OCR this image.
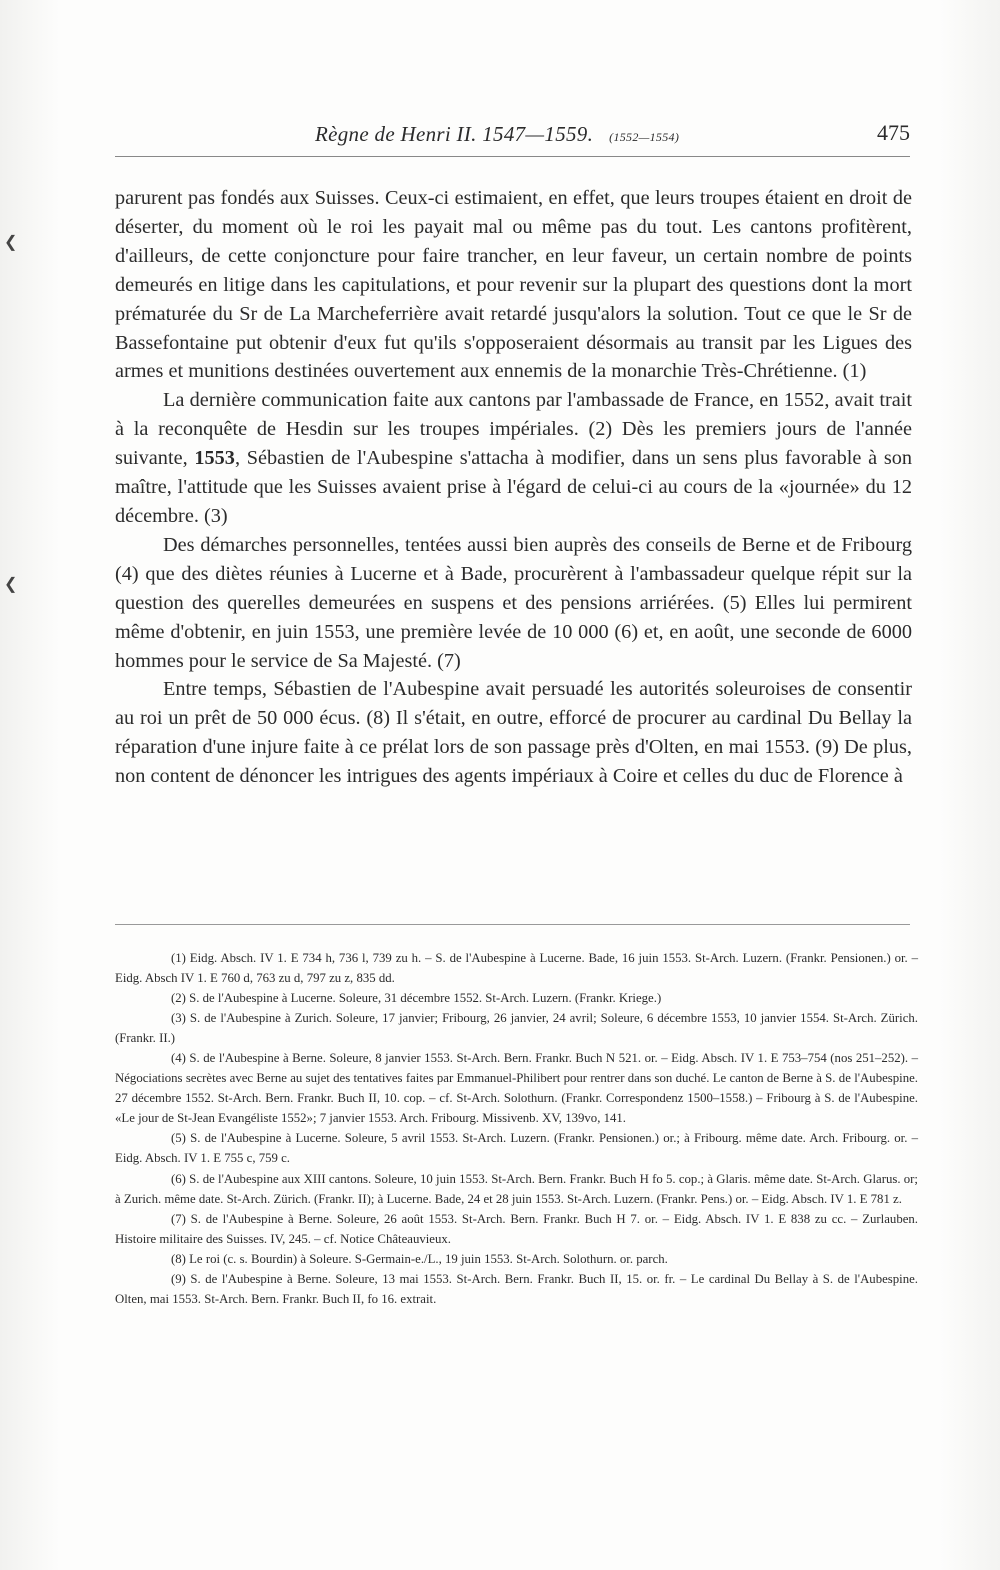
Règne de Henri II. 1547—1559. (1552—1554)	475
❮
❮

parurent pas fondés aux Suisses. Ceux-ci estimaient, en effet, que leurs troupes étaient en droit de déserter, du moment où le roi les payait mal ou même pas du tout. Les cantons profitèrent, d'ailleurs, de cette conjoncture pour faire trancher, en leur faveur, un certain nombre de points demeurés en litige dans les capitulations, et pour revenir sur la plupart des questions dont la mort prématurée du Sr de La Marcheferrière avait retardé jusqu'alors la solution. Tout ce que le Sr de Bassefontaine put obtenir d'eux fut qu'ils s'opposeraient désormais au transit par les Ligues des armes et munitions destinées ouvertement aux ennemis de la monarchie Très-Chrétienne. (1)

La dernière communication faite aux cantons par l'ambassade de France, en 1552, avait trait à la reconquête de Hesdin sur les troupes impériales. (2) Dès les premiers jours de l'année suivante, 1553, Sébastien de l'Aubespine s'attacha à modifier, dans un sens plus favorable à son maître, l'attitude que les Suisses avaient prise à l'égard de celui-ci au cours de la «journée» du 12 décembre. (3)

Des démarches personnelles, tentées aussi bien auprès des conseils de Berne et de Fribourg (4) que des diètes réunies à Lucerne et à Bade, procurèrent à l'ambassadeur quelque répit sur la question des querelles demeurées en suspens et des pensions arriérées. (5) Elles lui permirent même d'obtenir, en juin 1553, une première levée de 10 000 (6) et, en août, une seconde de 6000 hommes pour le service de Sa Majesté. (7)

Entre temps, Sébastien de l'Aubespine avait persuadé les autorités soleuroises de consentir au roi un prêt de 50 000 écus. (8) Il s'était, en outre, efforcé de procurer au cardinal Du Bellay la réparation d'une injure faite à ce prélat lors de son passage près d'Olten, en mai 1553. (9) De plus, non content de dénoncer les intrigues des agents impériaux à Coire et celles du duc de Florence à

(1) Eidg. Absch. IV 1. E 734 h, 736 l, 739 zu h. – S. de l'Aubespine à Lucerne. Bade, 16 juin 1553. St-Arch. Luzern. (Frankr. Pensionen.) or. – Eidg. Absch IV 1. E 760 d, 763 zu d, 797 zu z, 835 dd.

(2) S. de l'Aubespine à Lucerne. Soleure, 31 décembre 1552. St-Arch. Luzern. (Frankr. Kriege.)

(3) S. de l'Aubespine à Zurich. Soleure, 17 janvier; Fribourg, 26 janvier, 24 avril; Soleure, 6 décembre 1553, 10 janvier 1554. St-Arch. Zürich. (Frankr. II.)

(4) S. de l'Aubespine à Berne. Soleure, 8 janvier 1553. St-Arch. Bern. Frankr. Buch N 521. or. – Eidg. Absch. IV 1. E 753–754 (nos 251–252). – Négociations secrètes avec Berne au sujet des tentatives faites par Emmanuel-Philibert pour rentrer dans son duché. Le canton de Berne à S. de l'Aubespine. 27 décembre 1552. St-Arch. Bern. Frankr. Buch II, 10. cop. – cf. St-Arch. Solothurn. (Frankr. Correspondenz 1500–1558.) – Fribourg à S. de l'Aubespine. «Le jour de St-Jean Evangéliste 1552»; 7 janvier 1553. Arch. Fribourg. Missivenb. XV, 139vo, 141.

(5) S. de l'Aubespine à Lucerne. Soleure, 5 avril 1553. St-Arch. Luzern. (Frankr. Pensionen.) or.; à Fribourg. même date. Arch. Fribourg. or. – Eidg. Absch. IV 1. E 755 c, 759 c.

(6) S. de l'Aubespine aux XIII cantons. Soleure, 10 juin 1553. St-Arch. Bern. Frankr. Buch H fo 5. cop.; à Glaris. même date. St-Arch. Glarus. or; à Zurich. même date. St-Arch. Zürich. (Frankr. II); à Lucerne. Bade, 24 et 28 juin 1553. St-Arch. Luzern. (Frankr. Pens.) or. – Eidg. Absch. IV 1. E 781 z.

(7) S. de l'Aubespine à Berne. Soleure, 26 août 1553. St-Arch. Bern. Frankr. Buch H 7. or. – Eidg. Absch. IV 1. E 838 zu cc. – Zurlauben. Histoire militaire des Suisses. IV, 245. – cf. Notice Châteauvieux.

(8) Le roi (c. s. Bourdin) à Soleure. S-Germain-e./L., 19 juin 1553. St-Arch. Solothurn. or. parch.

(9) S. de l'Aubespine à Berne. Soleure, 13 mai 1553. St-Arch. Bern. Frankr. Buch II, 15. or. fr. – Le cardinal Du Bellay à S. de l'Aubespine. Olten, mai 1553. St-Arch. Bern. Frankr. Buch II, fo 16. extrait.
